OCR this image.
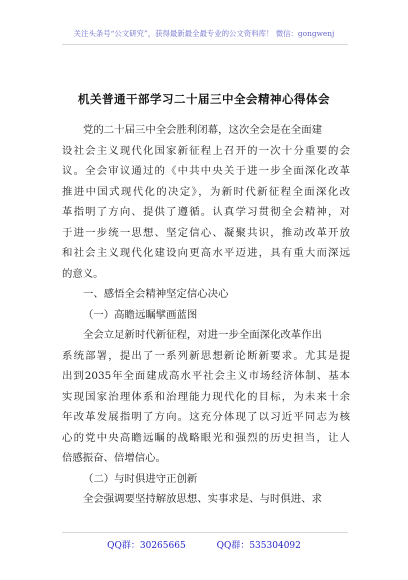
关注头条号“公文研究”，获得最新最全最专业的公文资料库！ 微信：gongwenj
机关普通干部学习二十届三中全会精神心得体会
党的二十届三中全会胜利闭幕，这次全会是在全面建
设社会主义现代化国家新征程上召开的一次十分重要的会
议。全会审议通过的《中共中央关于进一步全面深化改革
推进中国式现代化的决定》，为新时代新征程全面深化改
革指明了方向、提供了遵循。认真学习贯彻全会精神，对
于进一步统一思想、坚定信心、凝聚共识，推动改革开放
和社会主义现代化建设向更高水平迈进，具有重大而深远
的意义。
一、感悟全会精神坚定信心决心
（一）高瞻远瞩擘画蓝图
全会立足新时代新征程，对进一步全面深化改革作出
系统部署，提出了一系列新思想新论断新要求。尤其是提
出到2035年全面建成高水平社会主义市场经济体制、基本
实现国家治理体系和治理能力现代化的目标，为未来十余
年改革发展指明了方向。这充分体现了以习近平同志为核
心的党中央高瞻远瞩的战略眼光和强烈的历史担当，让人
倍感振奋、倍增信心。
（二）与时俱进守正创新
全会强调要坚持解放思想、实事求是、与时俱进、求
QQ群：30265665	QQ群：535304092
